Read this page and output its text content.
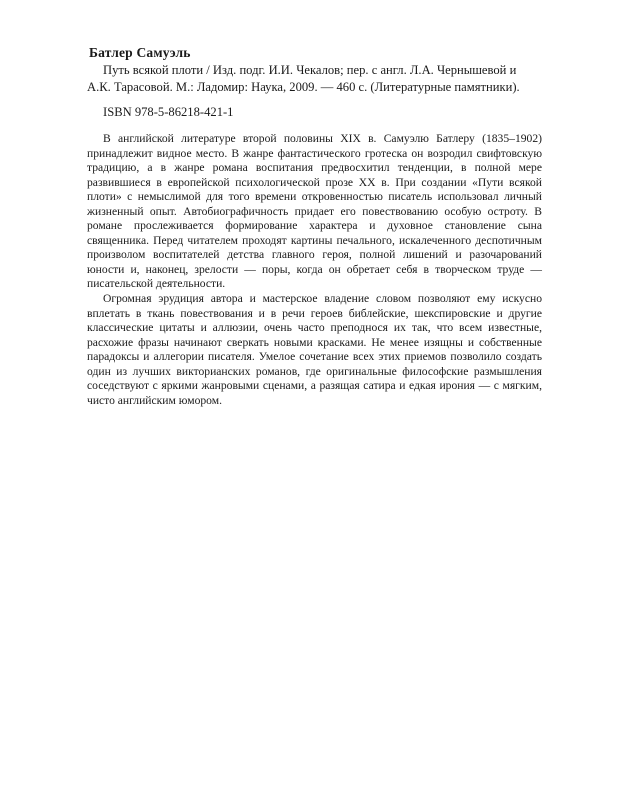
Батлер Самуэль
Путь всякой плоти / Изд. подг. И.И. Чекалов; пер. с англ. Л.А. Чернышевой и
А.К. Тарасовой. М.: Ладомир: Наука, 2009. — 460 с. (Литературные памятники).
ISBN 978-5-86218-421-1

В английской литературе второй половины XIX в. Самуэлю Батлеру (1835–1902) принадлежит видное место. В жанре фантастического гротеска он возродил свифтовскую традицию, а в жанре романа воспитания предвосхитил тенденции, в полной мере развившиеся в европейской психологической прозе XX в. При создании «Пути всякой плоти» с немыслимой для того времени откровенностью писатель использовал личный жизненный опыт. Автобиографичность придает его повествованию особую остроту. В романе прослеживается формирование характера и духовное становление сына священника. Перед читателем проходят картины печального, искалеченного деспотичным произволом воспитателей детства главного героя, полной лишений и разочарований юности и, наконец, зрелости — поры, когда он обретает себя в творческом труде — писательской деятельности.

Огромная эрудиция автора и мастерское владение словом позволяют ему искусно вплетать в ткань повествования и в речи героев библейские, шекспировские и другие классические цитаты и аллюзии, очень часто преподнося их так, что всем известные, расхожие фразы начинают сверкать новыми красками. Не менее изящны и собственные парадоксы и аллегории писателя. Умелое сочетание всех этих приемов позволило создать один из лучших викторианских романов, где оригинальные философские размышления соседствуют с яркими жанровыми сценами, а разящая сатира и едкая ирония — с мягким, чисто английским юмором.
